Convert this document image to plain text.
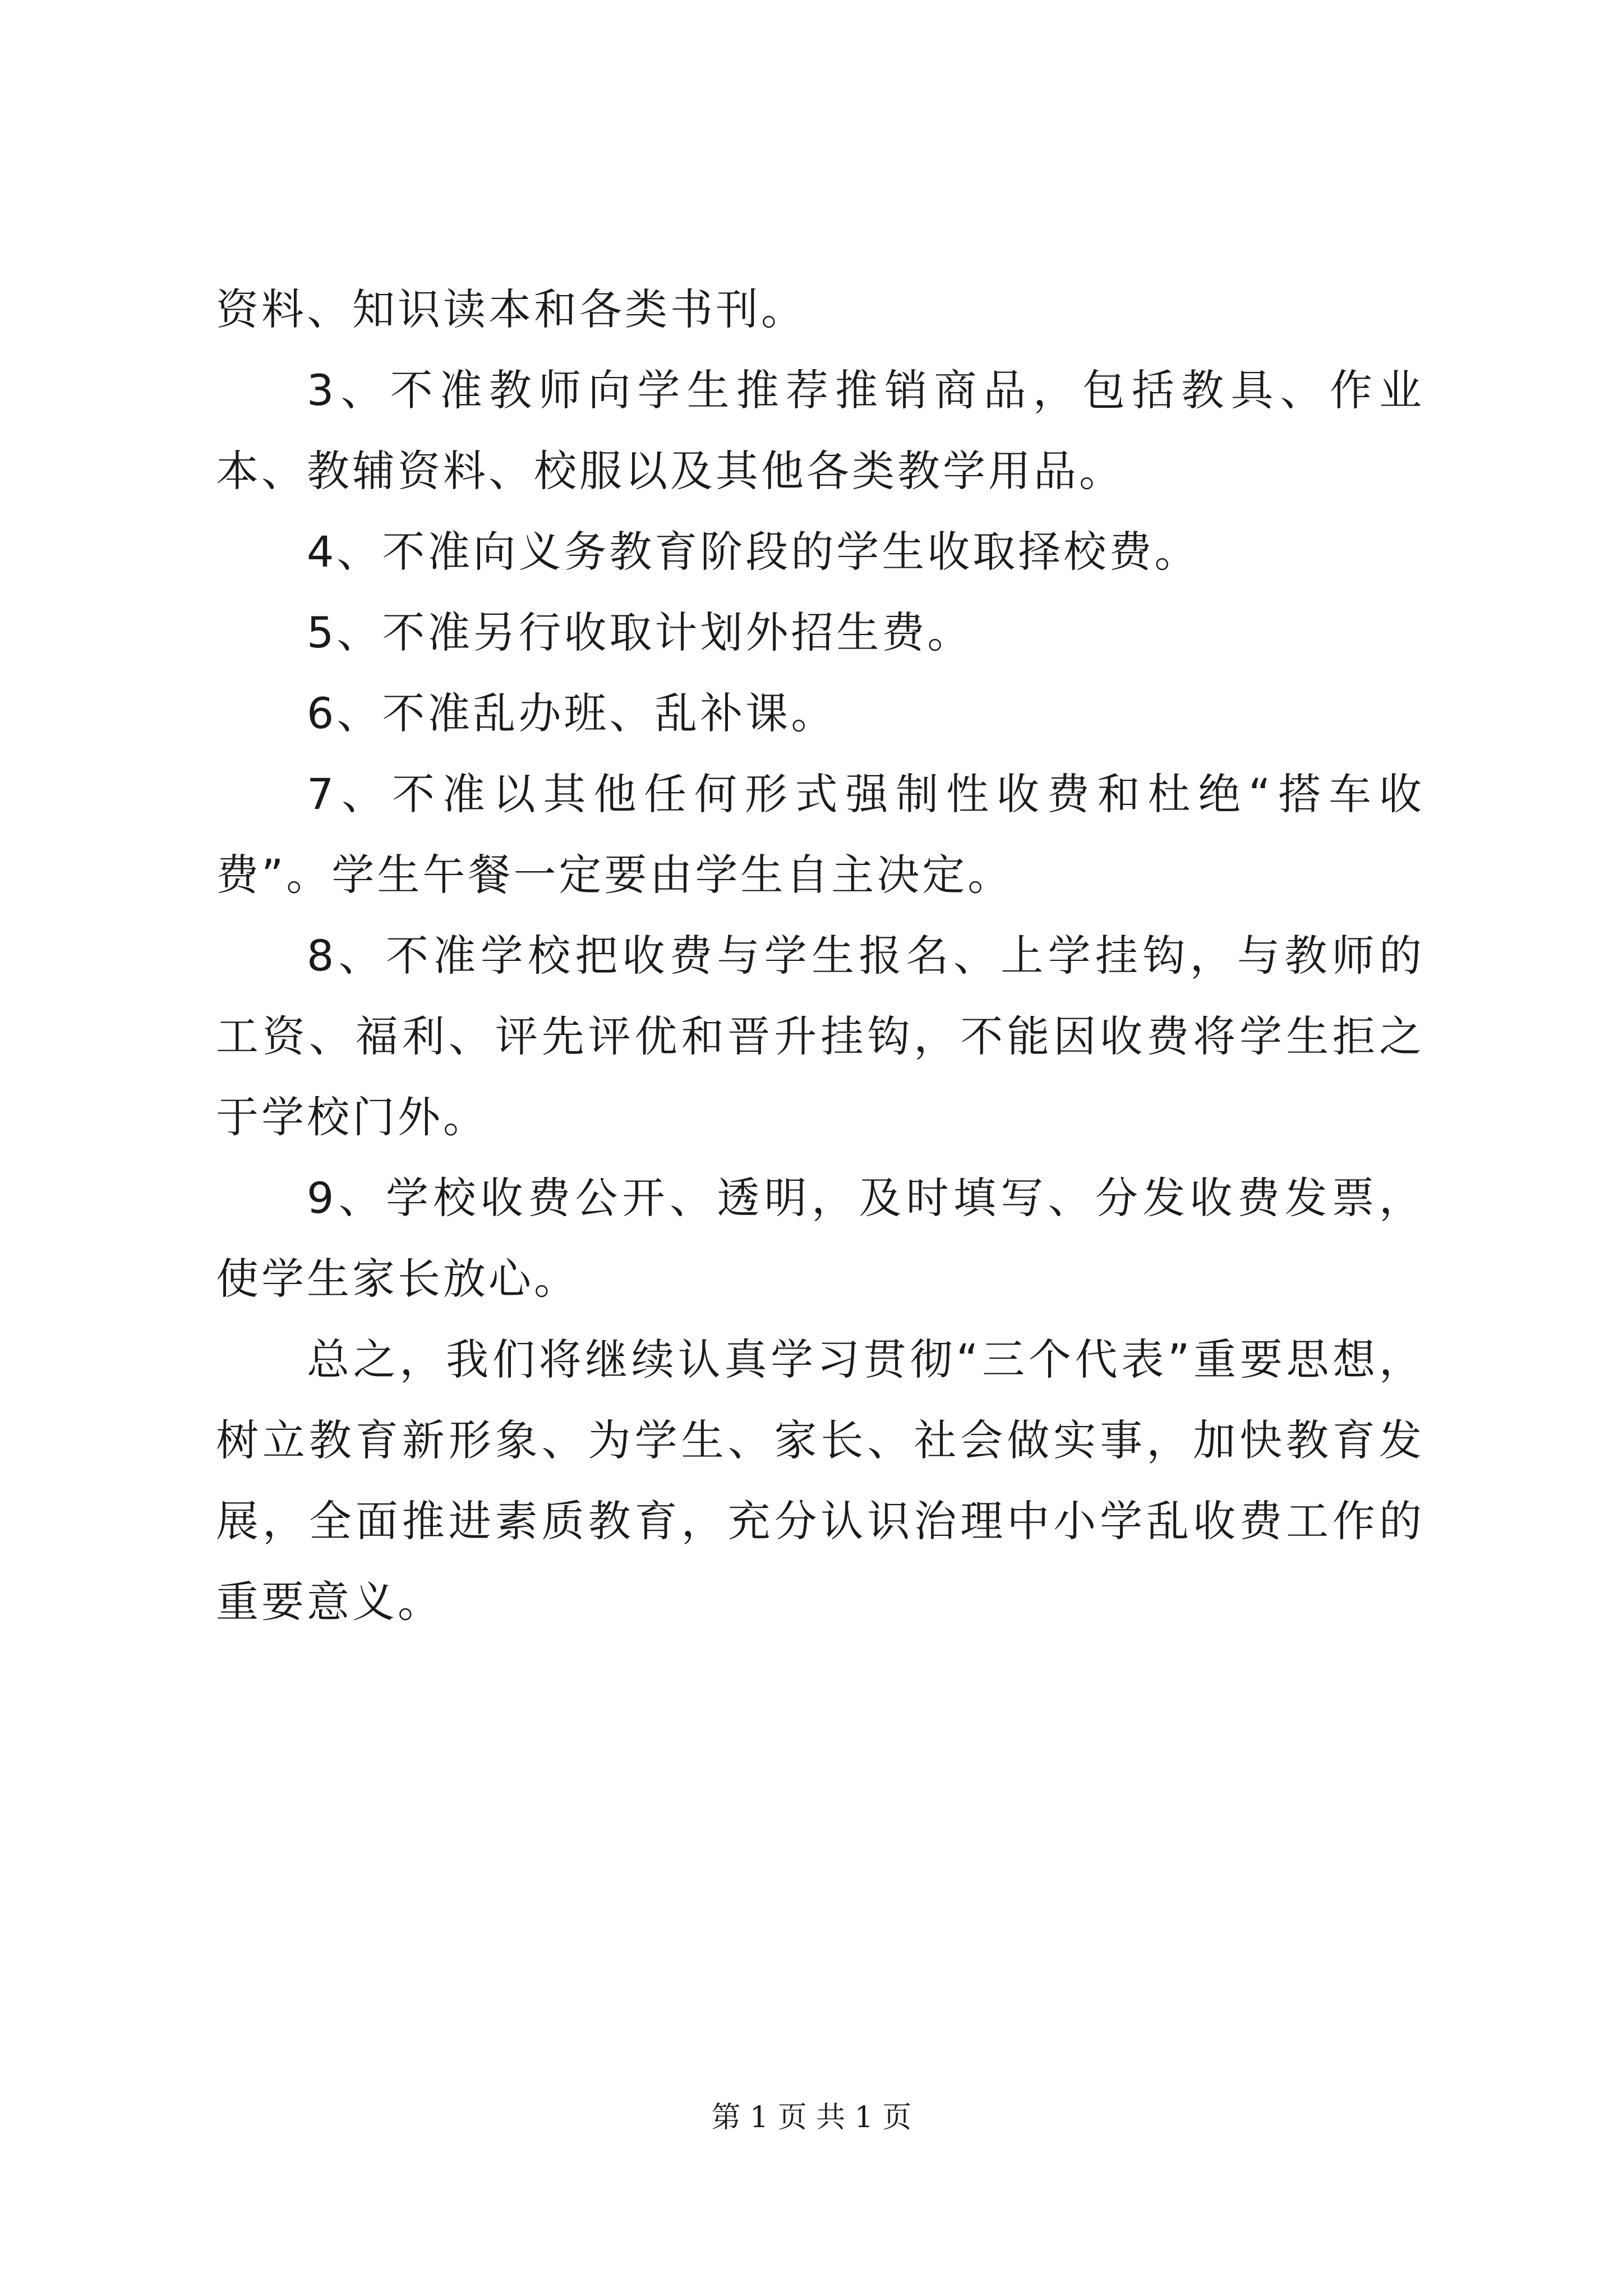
资料、知识读本和各类书刊。

3、不准教师向学生推荐推销商品，包括教具、作业本、教辅资料、校服以及其他各类教学用品。

4、不准向义务教育阶段的学生收取择校费。

5、不准另行收取计划外招生费。

6、不准乱办班、乱补课。

7、不准以其他任何形式强制性收费和杜绝“搭车收费”。学生午餐一定要由学生自主决定。

8、不准学校把收费与学生报名、上学挂钩，与教师的工资、福利、评先评优和晋升挂钩，不能因收费将学生拒之于学校门外。

9、学校收费公开、透明，及时填写、分发收费发票，使学生家长放心。

总之，我们将继续认真学习贯彻“三个代表”重要思想，树立教育新形象、为学生、家长、社会做实事，加快教育发展，全面推进素质教育，充分认识治理中小学乱收费工作的重要意义。

第 1 页 共 1 页
